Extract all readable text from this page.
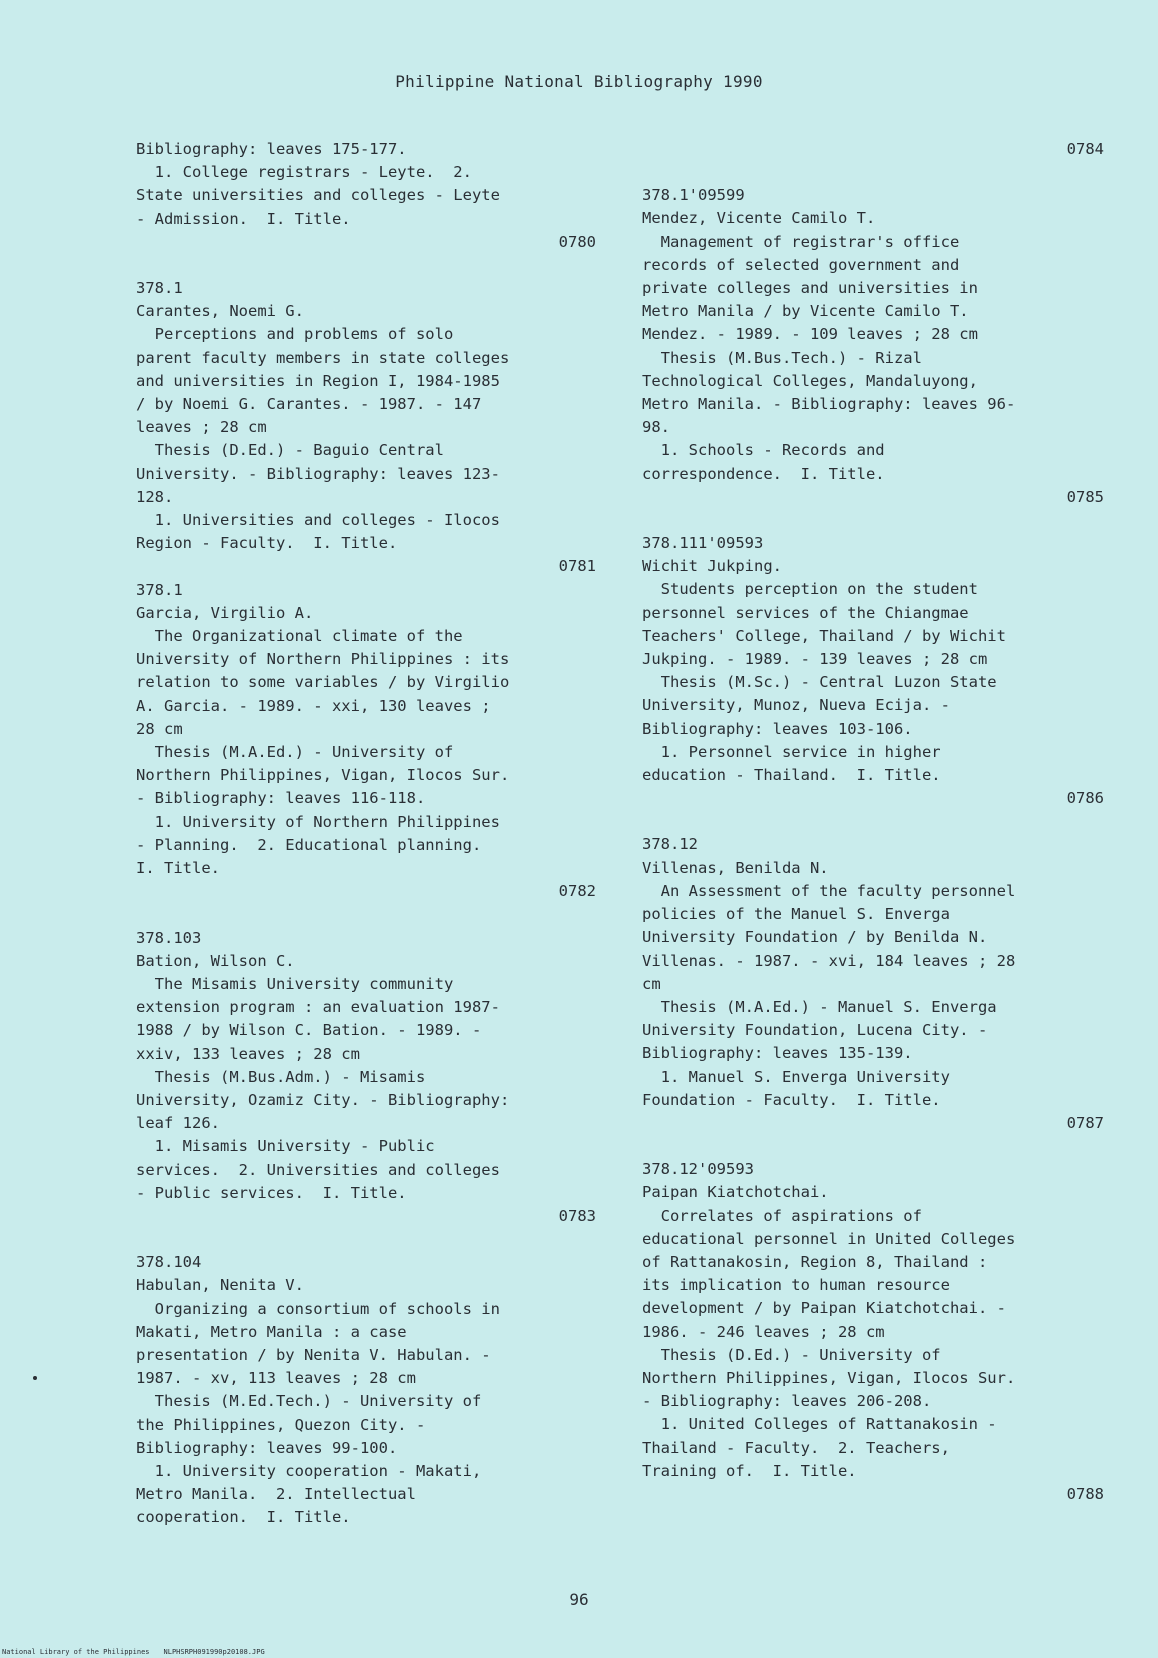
Philippine National Bibliography 1990
Bibliography: leaves 175-177.
1. College registrars - Leyte.  2.
State universities and colleges - Leyte
- Admission.  I. Title.
0780
378.1
Carantes, Noemi G.
Perceptions and problems of solo
parent faculty members in state colleges
and universities in Region I, 1984-1985
/ by Noemi G. Carantes. - 1987. - 147
leaves ; 28 cm
Thesis (D.Ed.) - Baguio Central
University. - Bibliography: leaves 123-
128.
1. Universities and colleges - Ilocos
Region - Faculty.  I. Title.
0781
378.1
Garcia, Virgilio A.
The Organizational climate of the
University of Northern Philippines : its
relation to some variables / by Virgilio
A. Garcia. - 1989. - xxi, 130 leaves ;
28 cm
Thesis (M.A.Ed.) - University of
Northern Philippines, Vigan, Ilocos Sur.
- Bibliography: leaves 116-118.
1. University of Northern Philippines
- Planning.  2. Educational planning.
I. Title.
0782
378.103
Bation, Wilson C.
The Misamis University community
extension program : an evaluation 1987-
1988 / by Wilson C. Bation. - 1989. -
xxiv, 133 leaves ; 28 cm
Thesis (M.Bus.Adm.) - Misamis
University, Ozamiz City. - Bibliography:
leaf 126.
1. Misamis University - Public
services.  2. Universities and colleges
- Public services.  I. Title.
0783
378.104
Habulan, Nenita V.
Organizing a consortium of schools in
Makati, Metro Manila : a case
presentation / by Nenita V. Habulan. -
1987. - xv, 113 leaves ; 28 cm
Thesis (M.Ed.Tech.) - University of
the Philippines, Quezon City. -
Bibliography: leaves 99-100.
1. University cooperation - Makati,
Metro Manila.  2. Intellectual
cooperation.  I. Title.
0784
378.1'09599
Mendez, Vicente Camilo T.
Management of registrar's office
records of selected government and
private colleges and universities in
Metro Manila / by Vicente Camilo T.
Mendez. - 1989. - 109 leaves ; 28 cm
Thesis (M.Bus.Tech.) - Rizal
Technological Colleges, Mandaluyong,
Metro Manila. - Bibliography: leaves 96-
98.
1. Schools - Records and
correspondence.  I. Title.
0785
378.111'09593
Wichit Jukping.
Students perception on the student
personnel services of the Chiangmae
Teachers' College, Thailand / by Wichit
Jukping. - 1989. - 139 leaves ; 28 cm
Thesis (M.Sc.) - Central Luzon State
University, Munoz, Nueva Ecija. -
Bibliography: leaves 103-106.
1. Personnel service in higher
education - Thailand.  I. Title.
0786
378.12
Villenas, Benilda N.
An Assessment of the faculty personnel
policies of the Manuel S. Enverga
University Foundation / by Benilda N.
Villenas. - 1987. - xvi, 184 leaves ; 28
cm
Thesis (M.A.Ed.) - Manuel S. Enverga
University Foundation, Lucena City. -
Bibliography: leaves 135-139.
1. Manuel S. Enverga University
Foundation - Faculty.  I. Title.
0787
378.12'09593
Paipan Kiatchotchai.
Correlates of aspirations of
educational personnel in United Colleges
of Rattanakosin, Region 8, Thailand :
its implication to human resource
development / by Paipan Kiatchotchai. -
1986. - 246 leaves ; 28 cm
Thesis (D.Ed.) - University of
Northern Philippines, Vigan, Ilocos Sur.
- Bibliography: leaves 206-208.
1. United Colleges of Rattanakosin -
Thailand - Faculty.  2. Teachers,
Training of.  I. Title.
0788
96
National Library of the Philippines NLPHSRPH091990p20108.JPG
